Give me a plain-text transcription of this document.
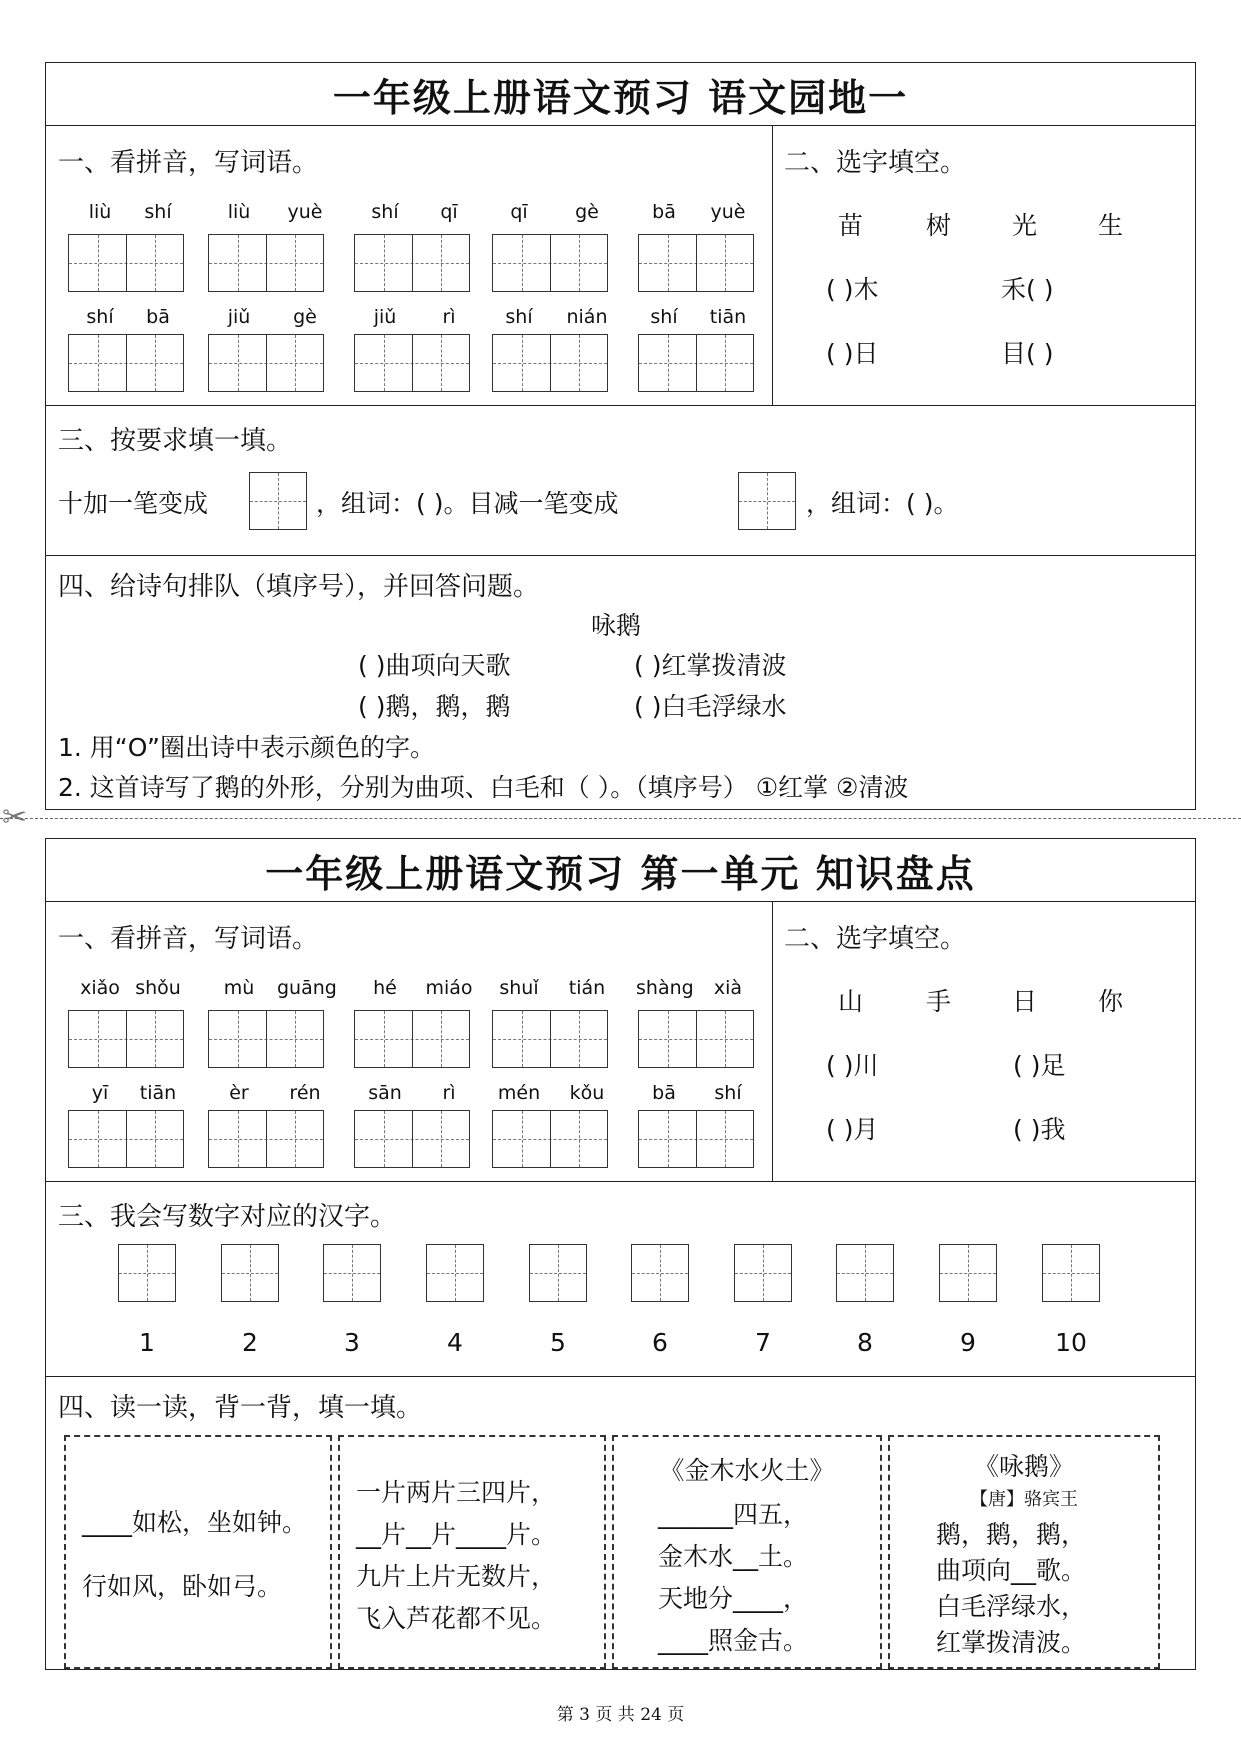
一年级上册语文预习 语文园地一
一、看拼音，写词语。
liù	shí	liù	yuè	shí	qī	qī	gè	bā	yuè
shí	bā	jiǔ	gè	jiǔ	rì	shí	nián	shí	tiān
二、选字填空。
苗	树 光 生
( )木	禾( )
( )日	目( )
三、按要求填一填。
十加一笔变成	，组词：( )。目减一笔变成	，组词：( )。
四、给诗句排队（填序号），并回答问题。
咏鹅
( )曲项向天歌	( )红掌拨清波
( )鹅，鹅，鹅	( )白毛浮绿水
1. 用“O”圈出诗中表示颜色的字。
2. 这首诗写了鹅的外形，分别为曲项、白毛和（ ）。（填序号） ①红掌 ②清波
✂
一年级上册语文预习 第一单元 知识盘点
一、看拼音，写词语。
xiǎo shǒu	mù	guāng	hé	miáo	shuǐ	tián	shàng	xià
yī	tiān	èr	rén	sān	rì	mén	kǒu	bā	shí
二、选字填空。
山	手 日 你
( )川	( )足
( )月	( )我
三、我会写数字对应的汉字。
1	2	3	4	5	6	7	8	9	10
四、读一读，背一背，填一填。
____如松，坐如钟。
行如风，卧如弓。
一片两片三四片，
__片__片____片。
九片上片无数片，
飞入芦花都不见。
《金木水火土》
______四五，
金木水__土。
天地分____，
____照金古。
《咏鹅》
【唐】骆宾王
鹅，鹅，鹅，
曲项向__歌。
白毛浮绿水，
红掌拨清波。
第 3 页 共 24 页
